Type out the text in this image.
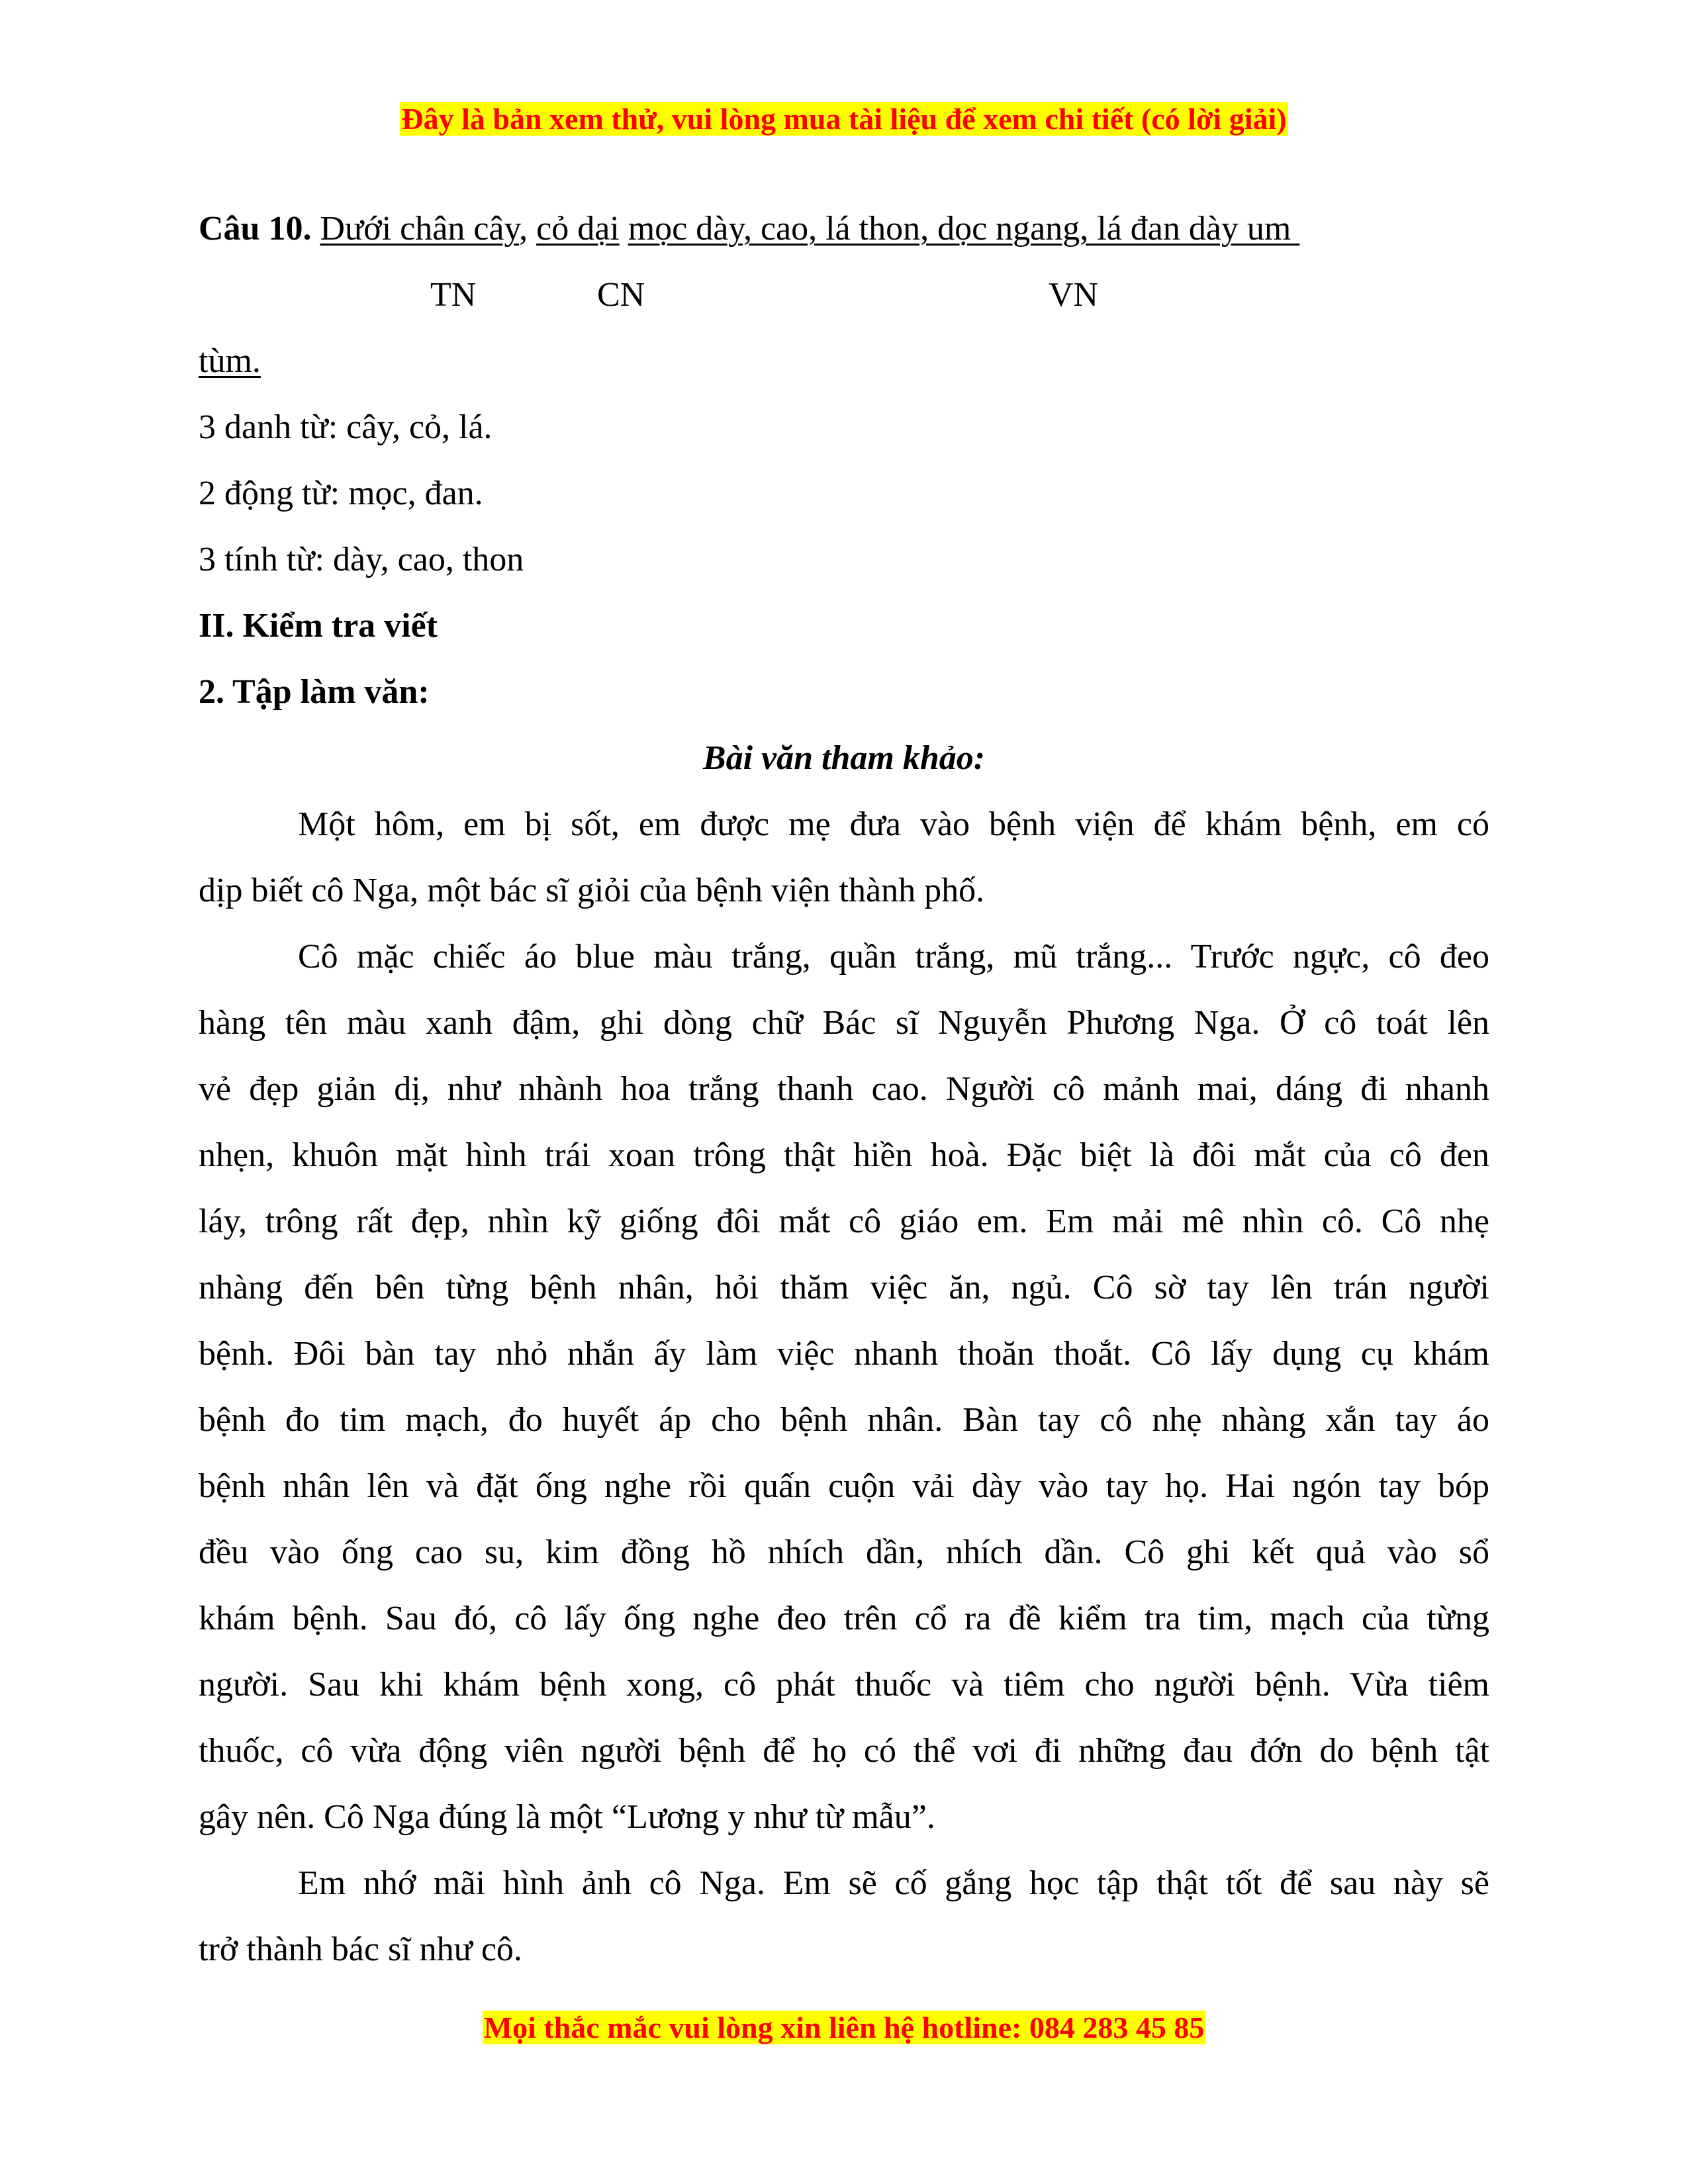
Đây là bản xem thử, vui lòng mua tài liệu để xem chi tiết (có lời giải)
Câu 10. Dưới chân cây, cỏ dại mọc dày, cao, lá thon, dọc ngang, lá đan dày um
TN	CN	VN
tùm.
3 danh từ: cây, cỏ, lá.
2 động từ: mọc, đan.
3 tính từ: dày, cao, thon
II. Kiểm tra viết
2. Tập làm văn:
Bài văn tham khảo:
Một hôm, em bị sốt, em được mẹ đưa vào bệnh viện để khám bệnh, em có
dịp biết cô Nga, một bác sĩ giỏi của bệnh viện thành phố.
Cô mặc chiếc áo blue màu trắng, quần trắng, mũ trắng... Trước ngực, cô đeo
hàng tên màu xanh đậm, ghi dòng chữ Bác sĩ Nguyễn Phương Nga. Ở cô toát lên
vẻ đẹp giản dị, như nhành hoa trắng thanh cao. Người cô mảnh mai, dáng đi nhanh
nhẹn, khuôn mặt hình trái xoan trông thật hiền hoà. Đặc biệt là đôi mắt của cô đen
láy, trông rất đẹp, nhìn kỹ giống đôi mắt cô giáo em. Em mải mê nhìn cô. Cô nhẹ
nhàng đến bên từng bệnh nhân, hỏi thăm việc ăn, ngủ. Cô sờ tay lên trán người
bệnh. Đôi bàn tay nhỏ nhắn ấy làm việc nhanh thoăn thoắt. Cô lấy dụng cụ khám
bệnh đo tim mạch, đo huyết áp cho bệnh nhân. Bàn tay cô nhẹ nhàng xắn tay áo
bệnh nhân lên và đặt ống nghe rồi quấn cuộn vải dày vào tay họ. Hai ngón tay bóp
đều vào ống cao su, kim đồng hồ nhích dần, nhích dần. Cô ghi kết quả vào sổ
khám bệnh. Sau đó, cô lấy ống nghe đeo trên cổ ra đề kiểm tra tim, mạch của từng
người. Sau khi khám bệnh xong, cô phát thuốc và tiêm cho người bệnh. Vừa tiêm
thuốc, cô vừa động viên người bệnh để họ có thể vơi đi những đau đớn do bệnh tật
gây nên. Cô Nga đúng là một “Lương y như từ mẫu”.
Em nhớ mãi hình ảnh cô Nga. Em sẽ cố gắng học tập thật tốt để sau này sẽ
trở thành bác sĩ như cô.
Mọi thắc mắc vui lòng xin liên hệ hotline: 084 283 45 85
